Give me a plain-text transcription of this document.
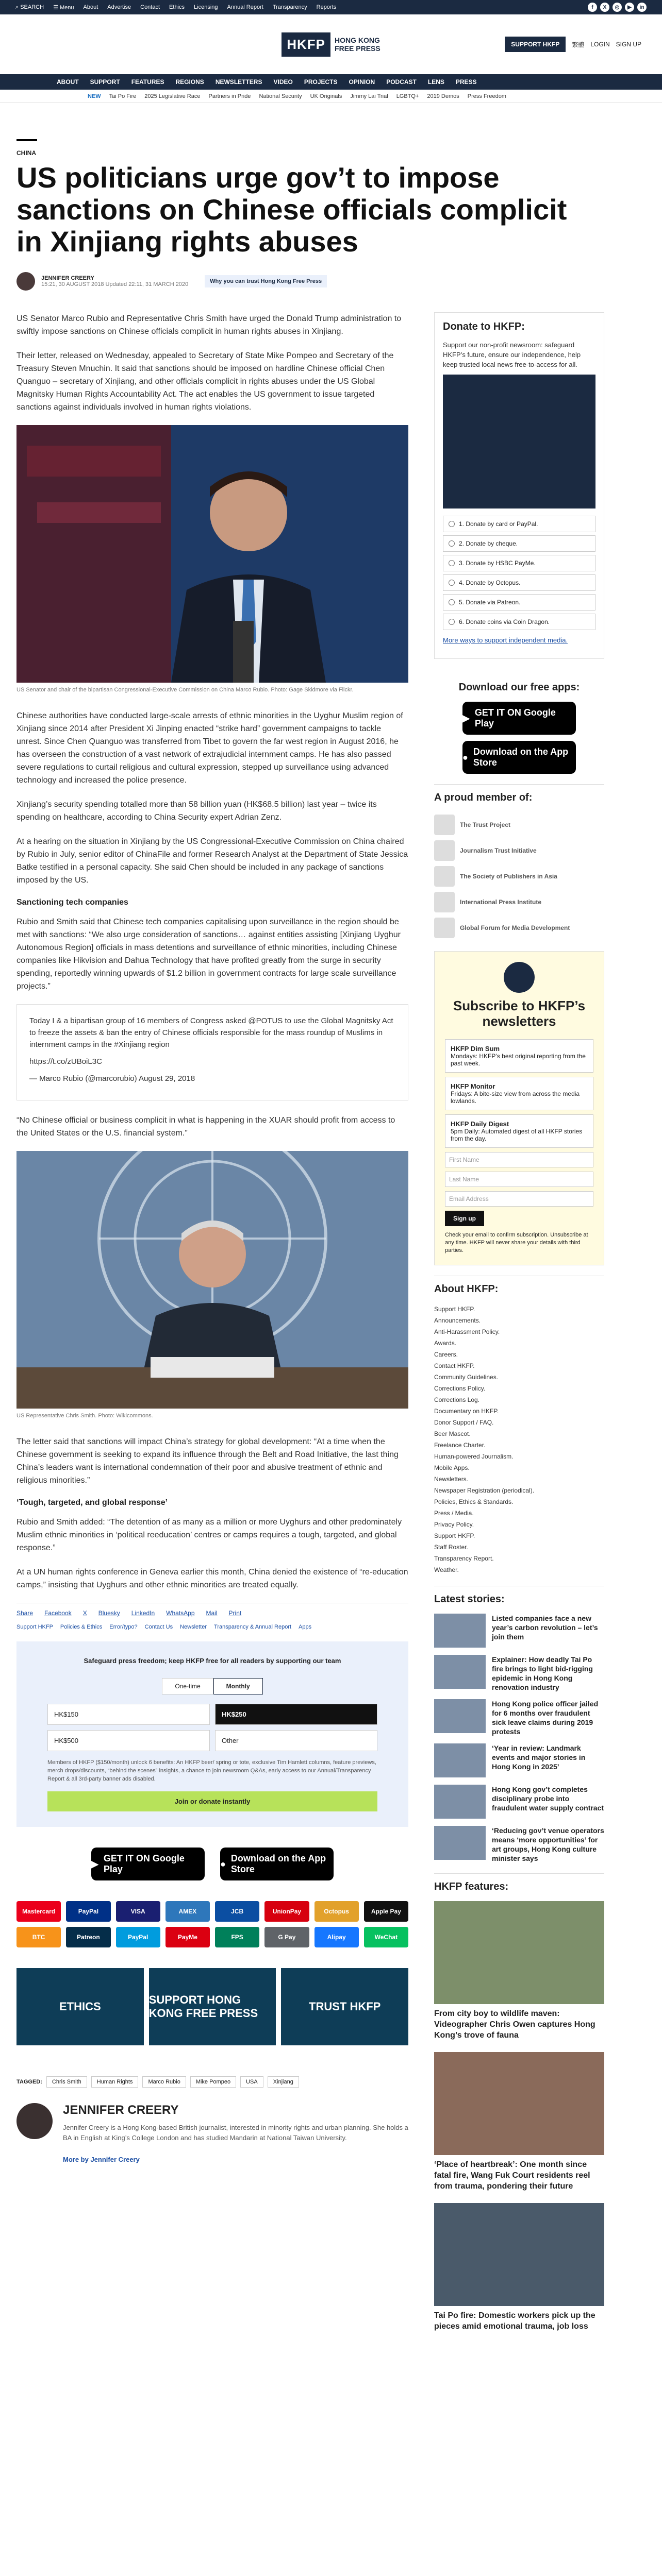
⌕ SEARCH ☰ Menu About Advertise Contact Ethics Licensing Annual Report Transparency Reports	f	X	◎	▶	in
HKFP	HONG KONG
FREE PRESS	SUPPORT HKFP	繁體 LOGIN SIGN UP
ABOUT SUPPORT FEATURES REGIONS NEWSLETTERS VIDEO PROJECTS OPINION PODCAST LENS PRESS
NEW Tai Po Fire 2025 Legislative Race Partners in Pride National Security UK Originals Jimmy Lai Trial LGBTQ+ 2019 Demos Press Freedom
CHINA
US politicians urge gov’t to impose sanctions on Chinese officials complicit in Xinjiang rights abuses
JENNIFER CREERY
15:21, 30 AUGUST 2018 Updated 22:11, 31 MARCH 2020	Why you can trust Hong Kong Free Press

US Senator Marco Rubio and Representative Chris Smith have urged the Donald Trump administration to swiftly impose sanctions on Chinese officials complicit in human rights abuses in Xinjiang.

Their letter, released on Wednesday, appealed to Secretary of State Mike Pompeo and Secretary of the Treasury Steven Mnuchin. It said that sanctions should be imposed on hardline Chinese official Chen Quanguo – secretary of Xinjiang, and other officials complicit in rights abuses under the US Global Magnitsky Human Rights Accountability Act. The act enables the US government to issue targeted sanctions against individuals involved in human rights violations.

US Senator and chair of the bipartisan Congressional-Executive Commission on China Marco Rubio. Photo: Gage Skidmore via Flickr.

Chinese authorities have conducted large-scale arrests of ethnic minorities in the Uyghur Muslim region of Xinjiang since 2014 after President Xi Jinping enacted “strike hard” government campaigns to tackle unrest. Since Chen Quanguo was transferred from Tibet to govern the far west region in August 2016, he has overseen the construction of a vast network of extrajudicial internment camps. He has also passed severe regulations to curtail religious and cultural expression, stepped up surveillance using advanced technology and increased the police presence.

Xinjiang’s security spending totalled more than 58 billion yuan (HK$68.5 billion) last year – twice its spending on healthcare, according to China Security expert Adrian Zenz.

At a hearing on the situation in Xinjiang by the US Congressional-Executive Commission on China chaired by Rubio in July, senior editor of ChinaFile and former Research Analyst at the Department of State Jessica Batke testified in a personal capacity. She said Chen should be included in any package of sanctions imposed by the US.

Sanctioning tech companies

Rubio and Smith said that Chinese tech companies capitalising upon surveillance in the region should be met with sanctions: “We also urge consideration of sanctions… against entities assisting [Xinjiang Uyghur Autonomous Region] officials in mass detentions and surveillance of ethnic minorities, including Chinese companies like Hikvision and Dahua Technology that have profited greatly from the surge in security spending, reportedly winning upwards of $1.2 billion in government contracts for large scale surveillance projects.”

Today I & a bipartisan group of 16 members of Congress asked @POTUS to use the Global Magnitsky Act to freeze the assets & ban the entry of Chinese officials responsible for the mass roundup of Muslims in internment camps in the #Xinjiang region

https://t.co/zUBoiL3C

— Marco Rubio (@marcorubio) August 29, 2018

“No Chinese official or business complicit in what is happening in the XUAR should profit from access to the United States or the U.S. financial system.”

US Representative Chris Smith. Photo: Wikicommons.

The letter said that sanctions will impact China’s strategy for global development: “At a time when the Chinese government is seeking to expand its influence through the Belt and Road Initiative, the last thing China’s leaders want is international condemnation of their poor and abusive treatment of ethnic and religious minorities.”

‘Tough, targeted, and global response’

Rubio and Smith added: “The detention of as many as a million or more Uyghurs and other predominately Muslim ethnic minorities in ‘political reeducation’ centres or camps requires a tough, targeted, and global response.”

At a UN human rights conference in Geneva earlier this month, China denied the existence of “re-education camps,” insisting that Uyghurs and other ethnic minorities are treated equally.

Share Facebook X Bluesky LinkedIn WhatsApp Mail Print
Support HKFP Policies & Ethics Error/typo? Contact Us Newsletter Transparency & Annual Report Apps
Safeguard press freedom; keep HKFP free for all readers by supporting our team
One-time	Monthly
HK$150	HK$250
HK$500	Other
Members of HKFP ($150/month) unlock 6 benefits: An HKFP beer/ spring or tote, exclusive Tim Hamlett columns, feature previews, merch drops/discounts, “behind the scenes” insights, a chance to join newsroom Q&As, early access to our Annual/Transparency Report & all 3rd-party banner ads disabled.
Join or donate instantly
▶
GET IT ON Google Play
●
Download on the App Store
Mastercard	PayPal	VISA	AMEX	JCB	UnionPay	Octopus	Apple Pay
BTC	Patreon	PayPal	PayMe	FPS	G Pay	Alipay	WeChat
ETHICS
SUPPORT HONG KONG FREE PRESS
TRUST HKFP
TAGGED:	Chris Smith	Human Rights	Marco Rubio	Mike Pompeo	USA	Xinjiang
JENNIFER CREERY

Jennifer Creery is a Hong Kong-based British journalist, interested in minority rights and urban planning. She holds a BA in English at King’s College London and has studied Mandarin at National Taiwan University.

More by Jennifer Creery

Donate to HKFP:

Support our non-profit newsroom: safeguard HKFP’s future, ensure our independence, help keep trusted local news free-to-access for all.

1. Donate by card or PayPal.
2. Donate by cheque.
3. Donate by HSBC PayMe.
4. Donate by Octopus.
5. Donate via Patreon.
6. Donate coins via Coin Dragon.

More ways to support independent media.

Download our free apps:
▶
GET IT ON Google Play
●
Download on the App Store
A proud member of:
The Trust Project
Journalism Trust Initiative
The Society of Publishers in Asia
International Press Institute
Global Forum for Media Development
Subscribe to HKFP’s newsletters
HKFP Dim Sum
Mondays: HKFP’s best original reporting from the past week.
HKFP Monitor
Fridays: A bite-size view from across the media lowlands.
HKFP Daily Digest
5pm Daily: Automated digest of all HKFP stories from the day.
First Name
Last Name
Email Address
Sign up

Check your email to confirm subscription. Unsubscribe at any time. HKFP will never share your details with third parties.

About HKFP:
Support HKFP.
Announcements.
Anti-Harassment Policy.
Awards.
Careers.
Contact HKFP.
Community Guidelines.
Corrections Policy.
Corrections Log.
Documentary on HKFP.
Donor Support / FAQ.
Beer Mascot.
Freelance Charter.
Human-powered Journalism.
Mobile Apps.
Newsletters.
Newspaper Registration (periodical).
Policies, Ethics & Standards.
Press / Media.
Privacy Policy.
Support HKFP.
Staff Roster.
Transparency Report.
Weather.
Latest stories:
Listed companies face a new year’s carbon revolution – let’s join them
Explainer: How deadly Tai Po fire brings to light bid-rigging epidemic in Hong Kong renovation industry
Hong Kong police officer jailed for 6 months over fraudulent sick leave claims during 2019 protests
‘Year in review: Landmark events and major stories in Hong Kong in 2025’
Hong Kong gov’t completes disciplinary probe into fraudulent water supply contract
‘Reducing gov’t venue operators means ‘more opportunities’ for art groups, Hong Kong culture minister says
HKFP features:
From city boy to wildlife maven: Videographer Chris Owen captures Hong Kong’s trove of fauna
‘Place of heartbreak’: One month since fatal fire, Wang Fuk Court residents reel from trauma, pondering their future
Tai Po fire: Domestic workers pick up the pieces amid emotional trauma, job loss
